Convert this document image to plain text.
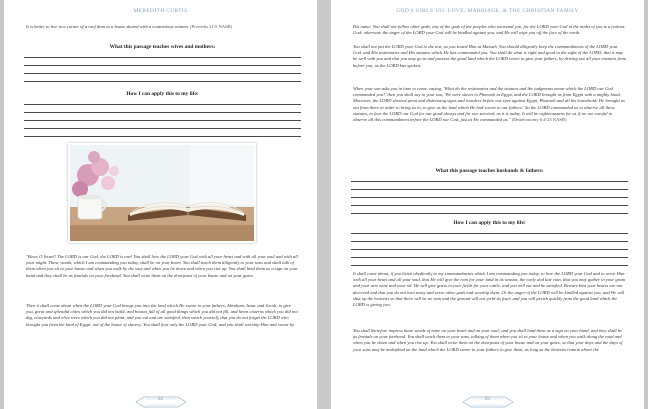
MEREDITH CURTIS

It is better to live in a corner of a roof than in a house shared with a contentious woman. (Proverbs 21:9 NASB)

What this passage teaches wives and mothers:

How I can apply this to my life:

"Hear, O Israel! The LORD is our God, the LORD is one! You shall love the LORD your God with all your heart and with all your soul and with all your might. These words, which I am commanding you today, shall be on your heart. You shall teach them diligently to your sons and shall talk of them when you sit in your house and when you walk by the way and when you lie down and when you rise up. You shall bind them as a sign on your hand and they shall be as frontals on your forehead. You shall write them on the doorposts of your house and on your gates.

Then it shall come about when the LORD your God brings you into the land which He swore to your fathers, Abraham, Isaac and Jacob, to give you, great and splendid cities which you did not build, and houses full of all good things which you did not fill, and hewn cisterns which you did not dig, vineyards and olive trees which you did not plant, and you eat and are satisfied, then watch yourself, that you do not forget the LORD who brought you from the land of Egypt, out of the house of slavery. You shall fear only the LORD your God; and you shall worship Him and swear by

82
GOD'S GIRLS 103: LOVE, MARRIAGE, & THE CHRISTIAN FAMILY

His name. You shall not follow other gods, any of the gods of the peoples who surround you, for the LORD your God in the midst of you is a jealous God; otherwise the anger of the LORD your God will be kindled against you, and He will wipe you off the face of the earth.

You shall not put the LORD your God to the test, as you tested Him at Massah. You should diligently keep the commandments of the LORD your God, and His testimonies and His statutes which He has commanded you. You shall do what is right and good in the sight of the LORD, that it may be well with you and that you may go in and possess the good land which the LORD swore to give your fathers, by driving out all your enemies from before you, as the LORD has spoken.

When your son asks you in time to come, saying, 'What do the testimonies and the statutes and the judgments mean which the LORD our God commanded you?' then you shall say to your son, 'We were slaves to Pharaoh in Egypt, and the LORD brought us from Egypt with a mighty hand. Moreover, the LORD showed great and distressing signs and wonders before our eyes against Egypt, Pharaoh and all his household; He brought us out from there in order to bring us in, to give us the land which He had sworn to our fathers.' So the LORD commanded us to observe all these statutes, to fear the LORD our God for our good always and for our survival, as it is today. It will be righteousness for us if we are careful to observe all this commandment before the LORD our God, just as He commanded us." (Deuteronomy 6:4-25 NASB)

What this passage teaches husbands & fathers:

How I can apply this to my life:

It shall come about, if you listen obediently to my commandments which I am commanding you today, to love the LORD your God and to serve Him with all your heart and all your soul, that He will give the rain for your land in its season, the early and late rain, that you may gather in your grain and your new wine and your oil. He will give grass in your fields for your cattle, and you will eat and be satisfied. Beware that your hearts are not deceived and that you do not turn away and serve other gods and worship them. Or the anger of the LORD will be kindled against you, and He will shut up the heavens so that there will be no rain and the ground will not yield its fruit; and you will perish quickly from the good land which the LORD is giving you.

You shall therefore impress these words of mine on your heart and on your soul; and you shall bind them as a sign on your hand, and they shall be as frontals on your forehead. You shall teach them to your sons, talking of them when you sit in your house and when you walk along the road and when you lie down and when you rise up. You shall write them on the doorposts of your house and on your gates, so that your days and the days of your sons may be multiplied on the land which the LORD swore to your fathers to give them, as long as the heavens remain above the

83
